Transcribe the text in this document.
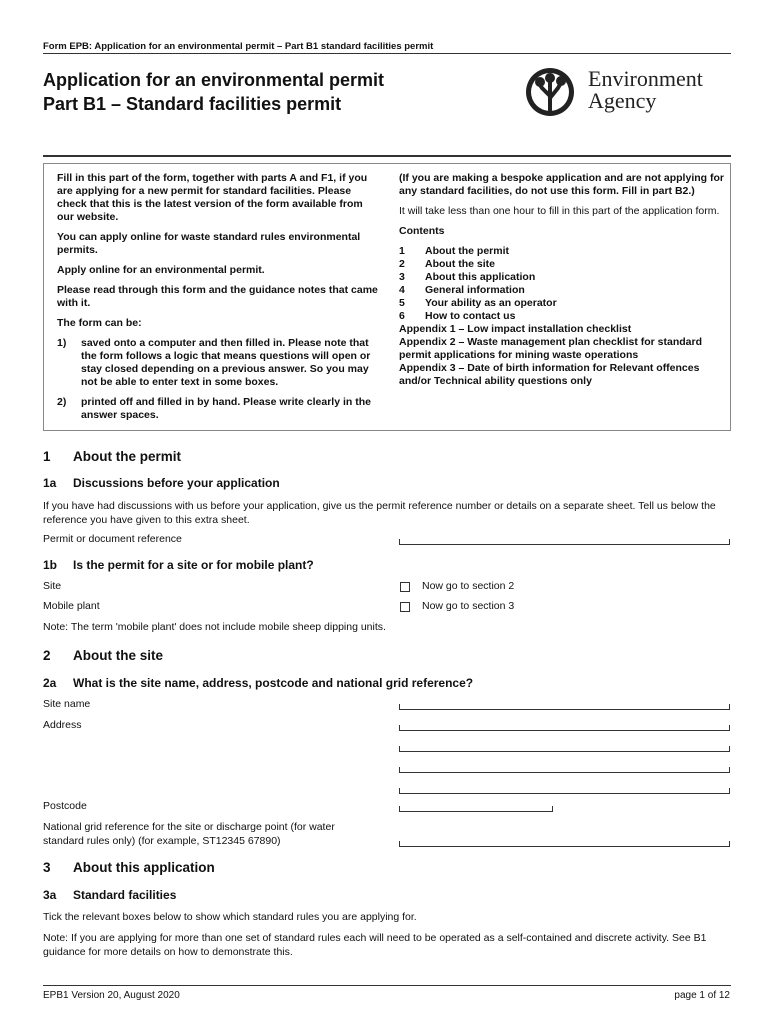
Form EPB: Application for an environmental permit – Part B1 standard facilities permit
Application for an environmental permit
Part B1 – Standard facilities permit
Environment
Agency

Fill in this part of the form, together with parts A and F1, if you are applying for a new permit for standard facilities. Please check that this is the latest version of the form available from our website.

You can apply online for waste standard rules environmental permits.

Apply online for an environmental permit.

Please read through this form and the guidance notes that came with it.

The form can be:

1)	saved onto a computer and then filled in. Please note that the form follows a logic that means questions will open or stay closed depending on a previous answer. So you may not be able to enter text in some boxes.
2)	printed off and filled in by hand. Please write clearly in the answer spaces.

(If you are making a bespoke application and are not applying for any standard facilities, do not use this form. Fill in part B2.)

It will take less than one hour to fill in this part of the application form.

Contents

1	About the permit
2	About the site
3	About this application
4	General information
5	Your ability as an operator
6	How to contact us
Appendix 1 – Low impact installation checklist
Appendix 2 – Waste management plan checklist for standard permit applications for mining waste operations
Appendix 3 – Date of birth information for Relevant offences and/or Technical ability questions only
1 About the permit
1a Discussions before your application
If you have had discussions with us before your application, give us the permit reference number or details on a separate sheet. Tell us below the reference you have given to this extra sheet.
Permit or document reference
1b Is the permit for a site or for mobile plant?
Site	Now go to section 2
Mobile plant	Now go to section 3
Note: The term 'mobile plant' does not include mobile sheep dipping units.
2 About the site
2a What is the site name, address, postcode and national grid reference?
Site name
Address
Postcode
National grid reference for the site or discharge point (for water standard rules only) (for example, ST12345 67890)
3 About this application
3a Standard facilities
Tick the relevant boxes below to show which standard rules you are applying for.
Note: If you are applying for more than one set of standard rules each will need to be operated as a self-contained and discrete activity. See B1 guidance for more details on how to demonstrate this.
EPB1 Version 20, August 2020	page 1 of 12
